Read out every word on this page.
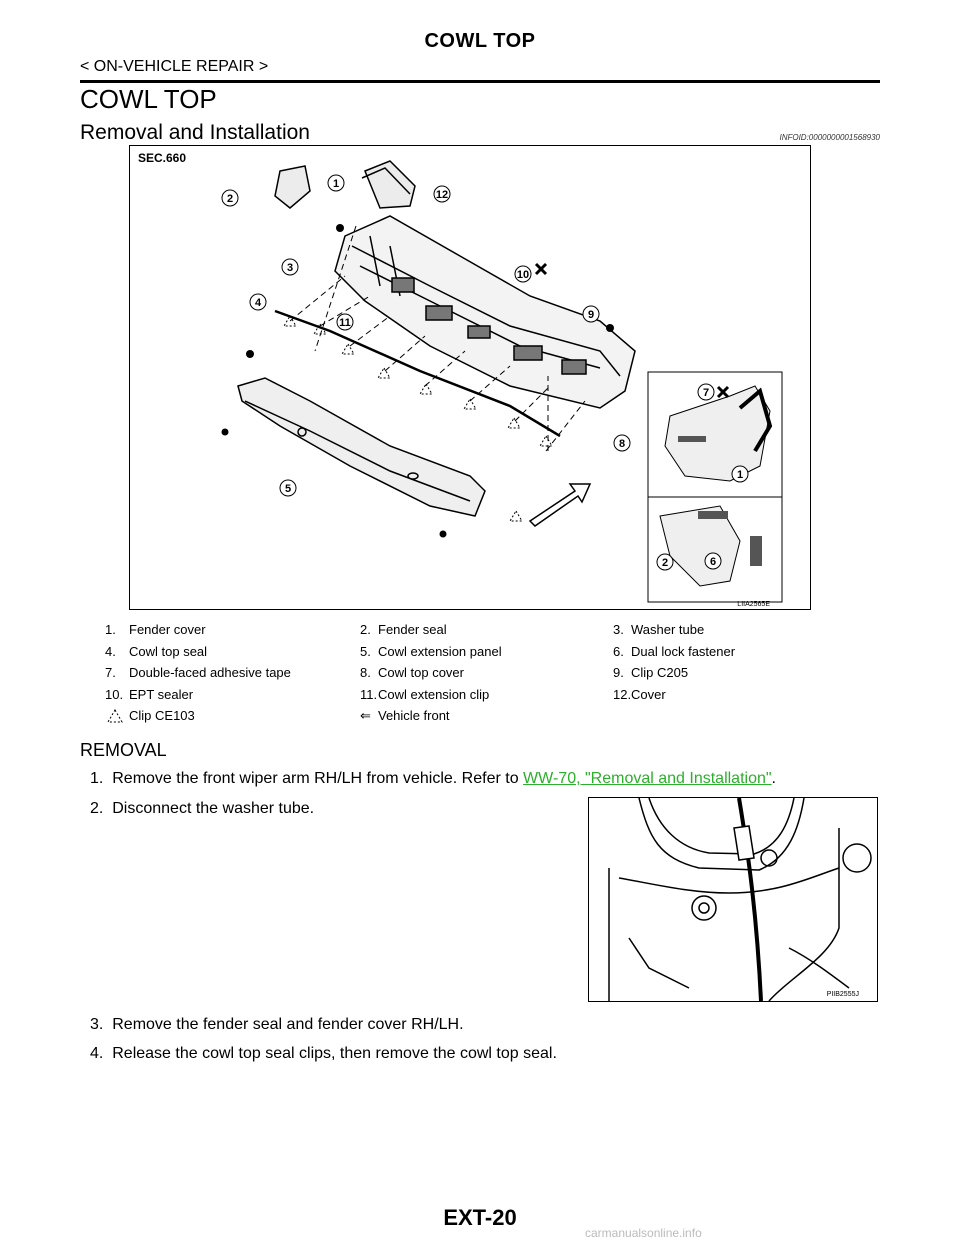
COWL TOP
< ON-VEHICLE REPAIR >
COWL TOP
Removal and Installation	INFOID:0000000001568930
SEC.660
2
1
12
3
10
4
11
9
8
5
7
1
2	6
LIIA2565E
1. Fender cover	2. Fender seal	3. Washer tube
4. Cowl top seal	5. Cowl extension panel	6. Dual lock fastener
7. Double-faced adhesive tape	8. Cowl top cover	9. Clip C205
10. EPT sealer	11. Cowl extension clip	12. Cover
Clip CE103	⇐ Vehicle front
REMOVAL
1. Remove the front wiper arm RH/LH from vehicle. Refer to WW-70, "Removal and Installation".
2. Disconnect the washer tube.
PIIB2555J
3. Remove the fender seal and fender cover RH/LH.
4. Release the cowl top seal clips, then remove the cowl top seal.
EXT-20
carmanualsonline.info
